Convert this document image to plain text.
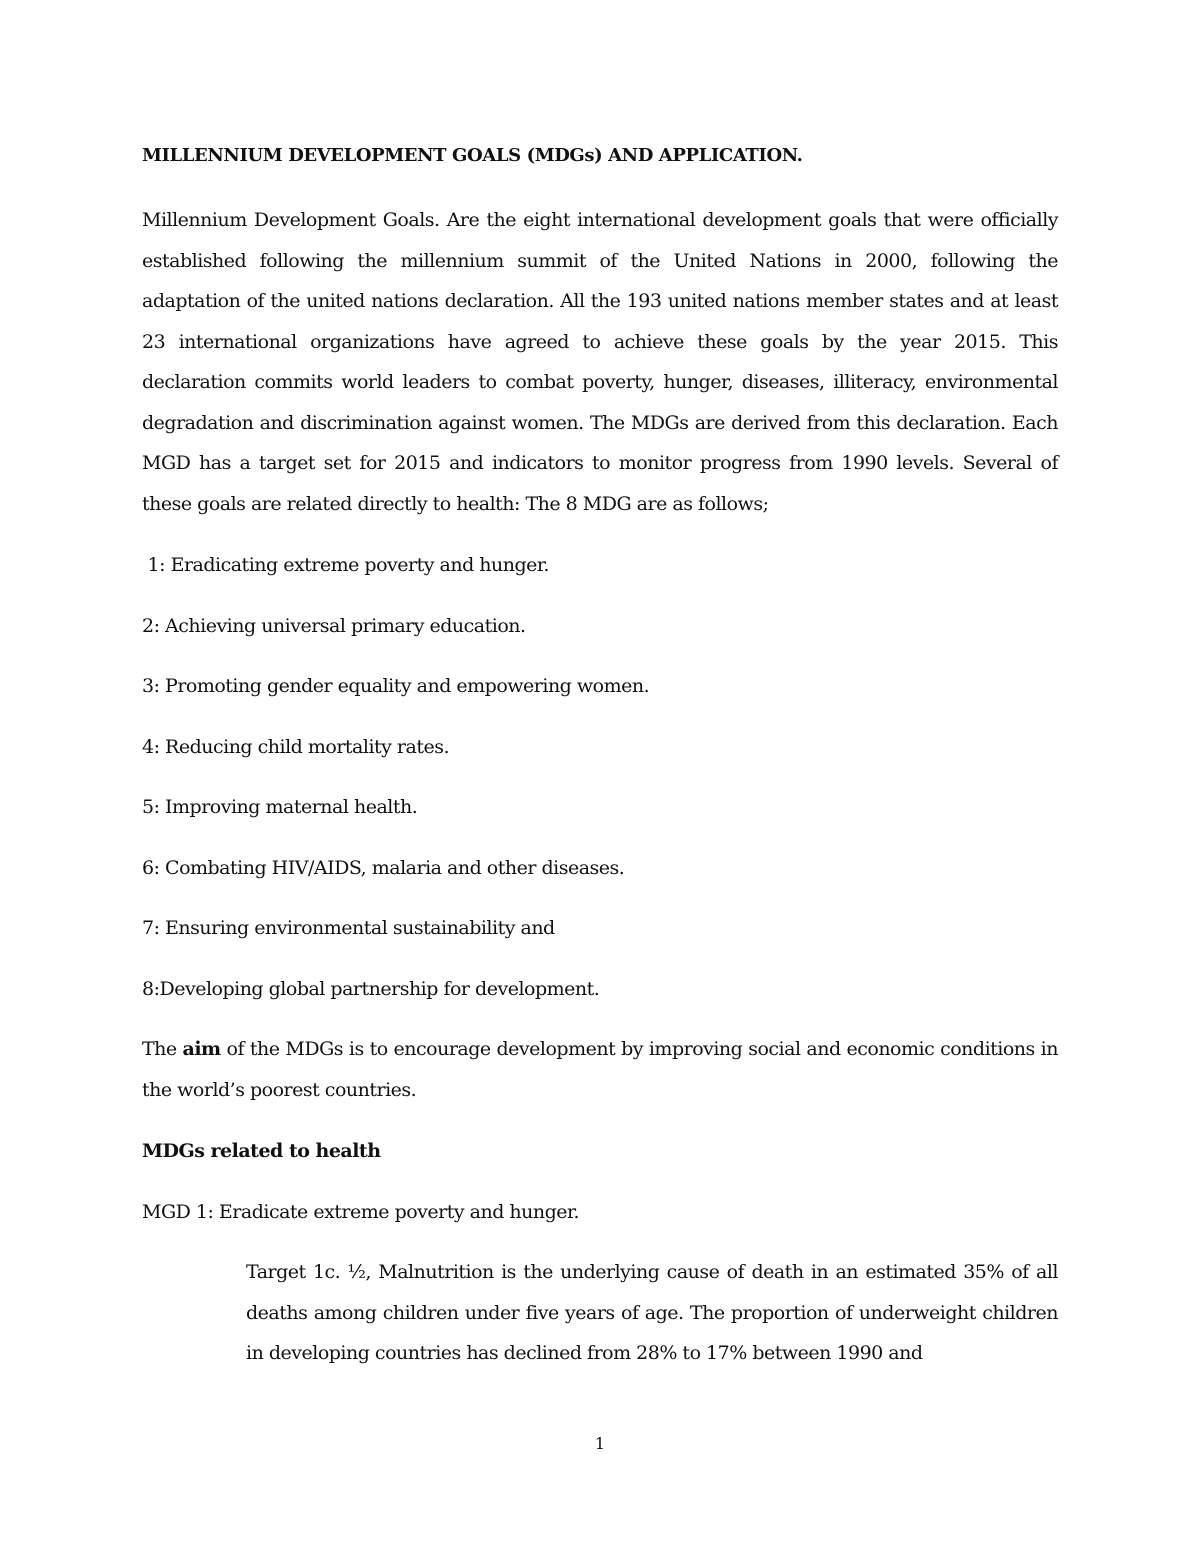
MILLENNIUM DEVELOPMENT GOALS (MDGs) AND APPLICATION.

Millennium Development Goals. Are the eight international development goals that were officially established following the millennium summit of the United Nations in 2000, following the adaptation of the united nations declaration. All the 193 united nations member states and at least 23 international organizations have agreed to achieve these goals by the year 2015. This declaration commits world leaders to combat poverty, hunger, diseases, illiteracy, environmental degradation and discrimination against women. The MDGs are derived from this declaration. Each MGD has a target set for 2015 and indicators to monitor progress from 1990 levels. Several of these goals are related directly to health: The 8 MDG are as follows;

1: Eradicating extreme poverty and hunger.
2: Achieving universal primary education.
3: Promoting gender equality and empowering women.
4: Reducing child mortality rates.
5: Improving maternal health.
6: Combating HIV/AIDS, malaria and other diseases.
7: Ensuring environmental sustainability and
8:Developing global partnership for development.

The aim of the MDGs is to encourage development by improving social and economic conditions in the world’s poorest countries.

MDGs related to health
MGD 1: Eradicate extreme poverty and hunger.

Target 1c. ½, Malnutrition is the underlying cause of death in an estimated 35% of all deaths among children under five years of age. The proportion of underweight children in developing countries has declined from 28% to 17% between 1990 and

1
